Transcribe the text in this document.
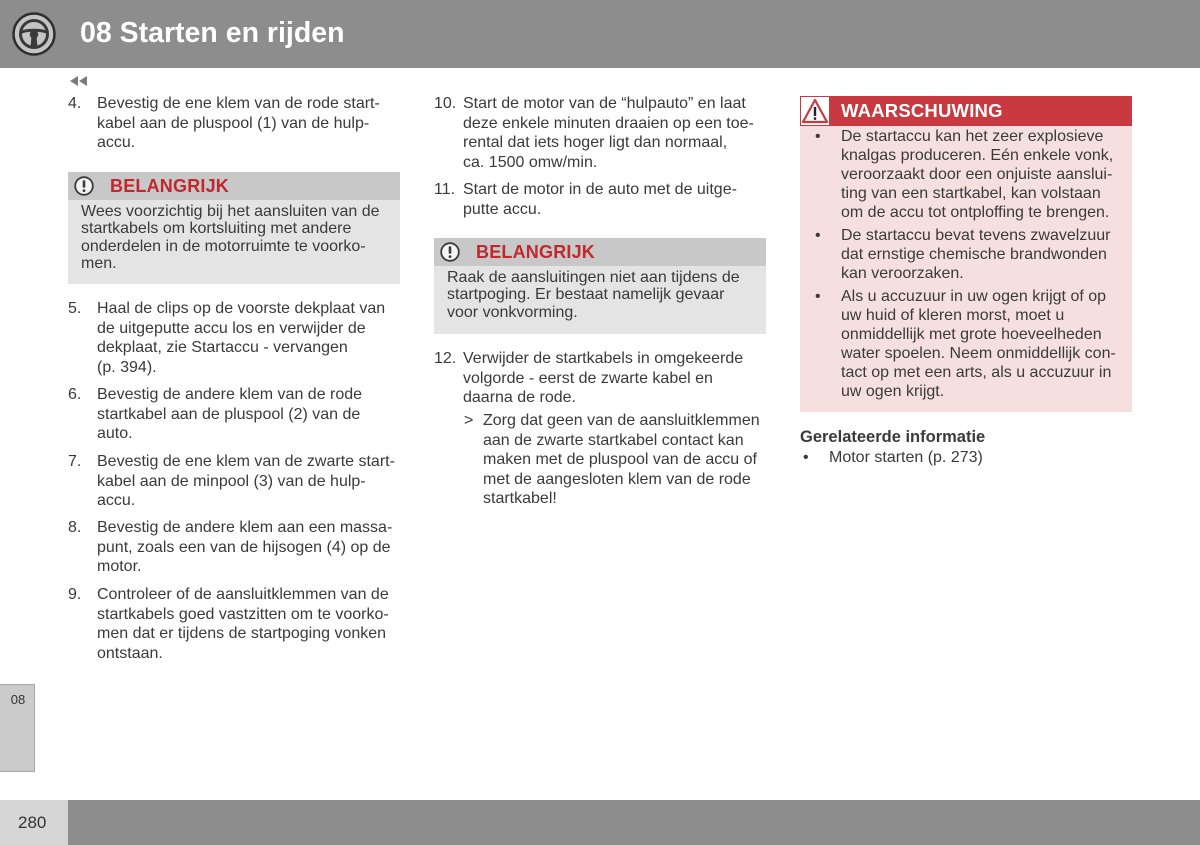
08 Starten en rijden
4. Bevestig de ene klem van de rode start-
kabel aan de pluspool (1) van de hulp-
accu.
BELANGRIJK
Wees voorzichtig bij het aansluiten van de
startkabels om kortsluiting met andere
onderdelen in de motorruimte te voorko-
men.
5. Haal de clips op de voorste dekplaat van
de uitgeputte accu los en verwijder de
dekplaat, zie Startaccu - vervangen
(p. 394).
6. Bevestig de andere klem van de rode
startkabel aan de pluspool (2) van de
auto.
7. Bevestig de ene klem van de zwarte start-
kabel aan de minpool (3) van de hulp-
accu.
8. Bevestig de andere klem aan een massa-
punt, zoals een van de hijsogen (4) op de
motor.
9. Controleer of de aansluitklemmen van de
startkabels goed vastzitten om te voorko-
men dat er tijdens de startpoging vonken
ontstaan.
10. Start de motor van de “hulpauto” en laat
deze enkele minuten draaien op een toe-
rental dat iets hoger ligt dan normaal,
ca. 1500 omw/min.
11. Start de motor in de auto met de uitge-
putte accu.
BELANGRIJK
Raak de aansluitingen niet aan tijdens de
startpoging. Er bestaat namelijk gevaar
voor vonkvorming.
12. Verwijder de startkabels in omgekeerde
volgorde - eerst de zwarte kabel en
daarna de rode.
> Zorg dat geen van de aansluitklemmen
aan de zwarte startkabel contact kan
maken met de pluspool van de accu of
met de aangesloten klem van de rode
startkabel!
WAARSCHUWING
• De startaccu kan het zeer explosieve
knalgas produceren. Eén enkele vonk,
veroorzaakt door een onjuiste aanslui-
ting van een startkabel, kan volstaan
om de accu tot ontploffing te brengen.
• De startaccu bevat tevens zwavelzuur
dat ernstige chemische brandwonden
kan veroorzaken.
• Als u accuzuur in uw ogen krijgt of op
uw huid of kleren morst, moet u
onmiddellijk met grote hoeveelheden
water spoelen. Neem onmiddellijk con-
tact op met een arts, als u accuzuur in
uw ogen krijgt.
Gerelateerde informatie
• Motor starten (p. 273)
08
280
